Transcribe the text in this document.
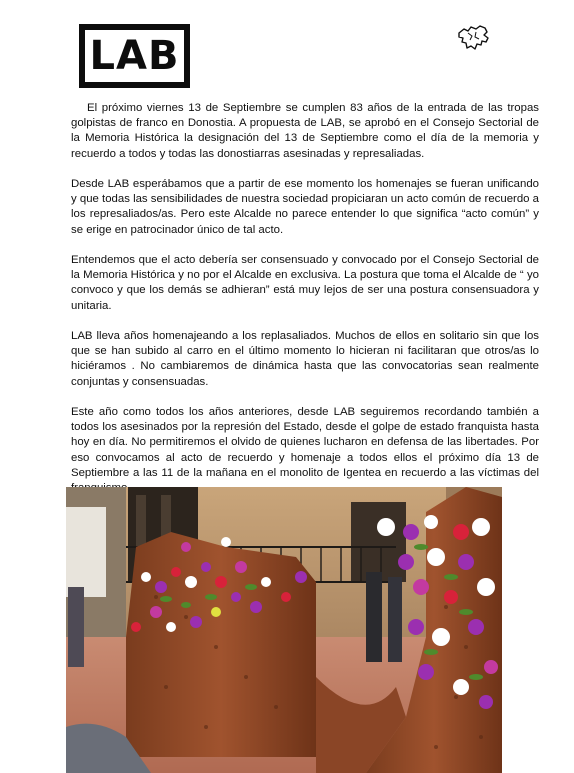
LAB

El próximo viernes 13 de Septiembre se cumplen 83 años de la entrada de las tropas golpistas de franco en Donostia. A propuesta de LAB, se aprobó en el Consejo Sectorial de la Memoria Histórica la designación del 13 de Septiembre como el día de la memoria y recuerdo a todos y todas las donostiarras asesinadas y represaliadas.

Desde LAB esperábamos que a partir de ese momento los homenajes se fueran unificando y que todas las sensibilidades de nuestra sociedad propiciaran un acto común de recuerdo a los represaliados/as. Pero este Alcalde no parece entender lo que significa “acto común” y se erige en patrocinador único de tal acto.

Entendemos que el acto debería ser consensuado y convocado por el Consejo Sectorial de la Memoria Histórica y no por el Alcalde en exclusiva. La postura que toma el Alcalde de “ yo convoco y que los demás se adhieran” está muy lejos de ser una postura consensuadora y unitaria.

LAB lleva años homenajeando a los replasaliados. Muchos de ellos en solitario sin que los que se han subido al carro en el último momento lo hicieran ni facilitaran que otros/as lo hiciéramos . No cambiaremos de dinámica hasta que las convocatorias sean realmente conjuntas y consensuadas.

Este año como todos los años anteriores, desde LAB seguiremos recordando también a todos los asesinados por la represión del Estado, desde el golpe de estado franquista hasta hoy en día. No permitiremos el olvido de quienes lucharon en defensa de las libertades. Por eso convocamos al acto de recuerdo y homenaje a todos ellos el próximo día 13 de Septiembre a las 11 de la mañana en el monolito de Igentea en recuerdo a las víctimas del
